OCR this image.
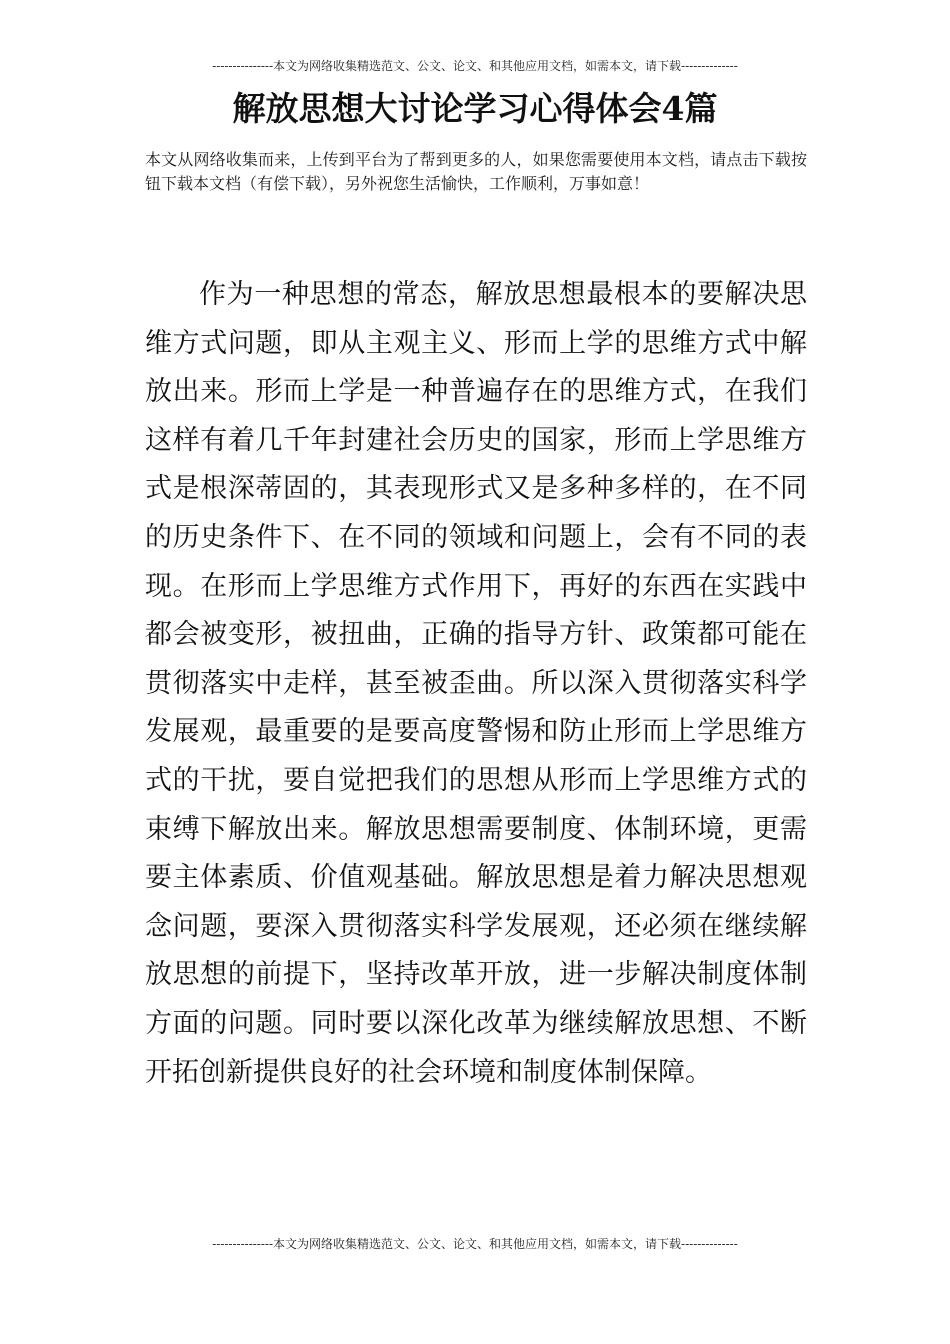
---------------本文为网络收集精选范文、公文、论文、和其他应用文档，如需本文，请下载--------------
解放思想大讨论学习心得体会4篇
本文从网络收集而来，上传到平台为了帮到更多的人，如果您需要使用本文档，请点击下载按钮下载本文档（有偿下载），另外祝您生活愉快，工作顺利，万事如意！

作为一种思想的常态，解放思想最根本的要解决思维方式问题，即从主观主义、形而上学的思维方式中解放出来。形而上学是一种普遍存在的思维方式，在我们这样有着几千年封建社会历史的国家，形而上学思维方式是根深蒂固的，其表现形式又是多种多样的，在不同的历史条件下、在不同的领域和问题上，会有不同的表现。在形而上学思维方式作用下，再好的东西在实践中都会被变形，被扭曲，正确的指导方针、政策都可能在贯彻落实中走样，甚至被歪曲。所以深入贯彻落实科学发展观，最重要的是要高度警惕和防止形而上学思维方式的干扰，要自觉把我们的思想从形而上学思维方式的束缚下解放出来。解放思想需要制度、体制环境，更需要主体素质、价值观基础。解放思想是着力解决思想观念问题，要深入贯彻落实科学发展观，还必须在继续解放思想的前提下，坚持改革开放，进一步解决制度体制方面的问题。同时要以深化改革为继续解放思想、不断开拓创新提供良好的社会环境和制度体制保障。

---------------本文为网络收集精选范文、公文、论文、和其他应用文档，如需本文，请下载--------------
